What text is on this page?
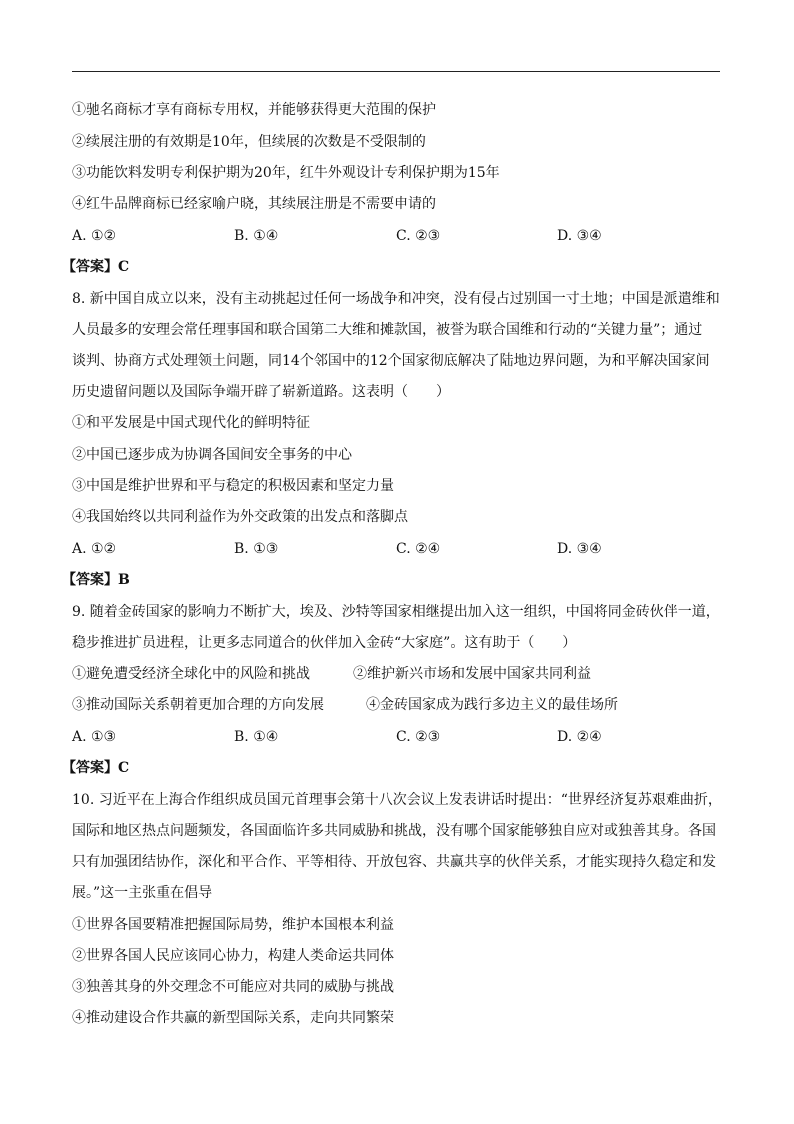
①驰名商标才享有商标专用权，并能够获得更大范围的保护
②续展注册的有效期是10年，但续展的次数是不受限制的
③功能饮料发明专利保护期为20年，红牛外观设计专利保护期为15年
④红牛品牌商标已经家喻户晓，其续展注册是不需要申请的
A. ①②	B. ①④	C. ②③	D. ③④
【答案】C
8. 新中国自成立以来，没有主动挑起过任何一场战争和冲突，没有侵占过别国一寸土地；中国是派遣维和
人员最多的安理会常任理事国和联合国第二大维和摊款国，被誉为联合国维和行动的“关键力量”；通过
谈判、协商方式处理领土问题，同14个邻国中的12个国家彻底解决了陆地边界问题，为和平解决国家间
历史遗留问题以及国际争端开辟了崭新道路。这表明（　　）
①和平发展是中国式现代化的鲜明特征
②中国已逐步成为协调各国间安全事务的中心
③中国是维护世界和平与稳定的积极因素和坚定力量
④我国始终以共同利益作为外交政策的出发点和落脚点
A. ①②	B. ①③	C. ②④	D. ③④
【答案】B
9. 随着金砖国家的影响力不断扩大，埃及、沙特等国家相继提出加入这一组织，中国将同金砖伙伴一道，
稳步推进扩员进程，让更多志同道合的伙伴加入金砖“大家庭”。这有助于（　　）
①避免遭受经济全球化中的风险和挑战	②维护新兴市场和发展中国家共同利益
③推动国际关系朝着更加合理的方向发展	④金砖国家成为践行多边主义的最佳场所
A. ①③	B. ①④	C. ②③	D. ②④
【答案】C
10. 习近平在上海合作组织成员国元首理事会第十八次会议上发表讲话时提出：“世界经济复苏艰难曲折，
国际和地区热点问题频发，各国面临许多共同威胁和挑战，没有哪个国家能够独自应对或独善其身。各国
只有加强团结协作，深化和平合作、平等相待、开放包容、共赢共享的伙伴关系，才能实现持久稳定和发
展。”这一主张重在倡导
①世界各国要精准把握国际局势，维护本国根本利益
②世界各国人民应该同心协力，构建人类命运共同体
③独善其身的外交理念不可能应对共同的威胁与挑战
④推动建设合作共赢的新型国际关系，走向共同繁荣
